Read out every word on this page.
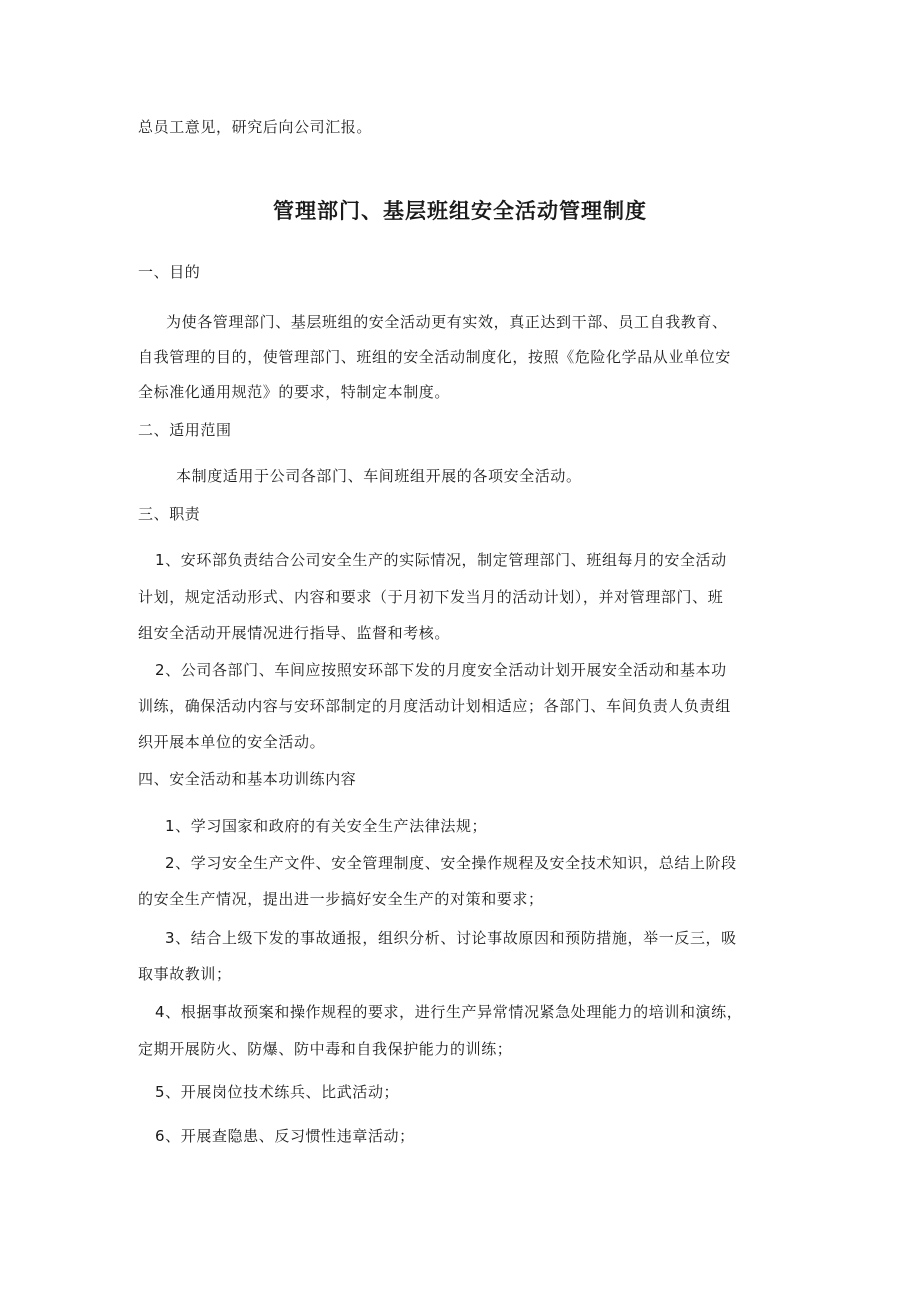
总员工意见，研究后向公司汇报。
管理部门、基层班组安全活动管理制度
一、目的
为使各管理部门、基层班组的安全活动更有实效，真正达到干部、员工自我教育、
自我管理的目的，使管理部门、班组的安全活动制度化，按照《危险化学品从业单位安
全标准化通用规范》的要求，特制定本制度。
二、适用范围
本制度适用于公司各部门、车间班组开展的各项安全活动。
三、职责
1、安环部负责结合公司安全生产的实际情况，制定管理部门、班组每月的安全活动
计划，规定活动形式、内容和要求（于月初下发当月的活动计划），并对管理部门、班
组安全活动开展情况进行指导、监督和考核。
2、公司各部门、车间应按照安环部下发的月度安全活动计划开展安全活动和基本功
训练，确保活动内容与安环部制定的月度活动计划相适应；各部门、车间负责人负责组
织开展本单位的安全活动。
四、安全活动和基本功训练内容
1、学习国家和政府的有关安全生产法律法规；
2、学习安全生产文件、安全管理制度、安全操作规程及安全技术知识，总结上阶段
的安全生产情况，提出进一步搞好安全生产的对策和要求；
3、结合上级下发的事故通报，组织分析、讨论事故原因和预防措施，举一反三，吸
取事故教训；
4、根据事故预案和操作规程的要求，进行生产异常情况紧急处理能力的培训和演练，
定期开展防火、防爆、防中毒和自我保护能力的训练；
5、开展岗位技术练兵、比武活动；
6、开展查隐患、反习惯性违章活动；
